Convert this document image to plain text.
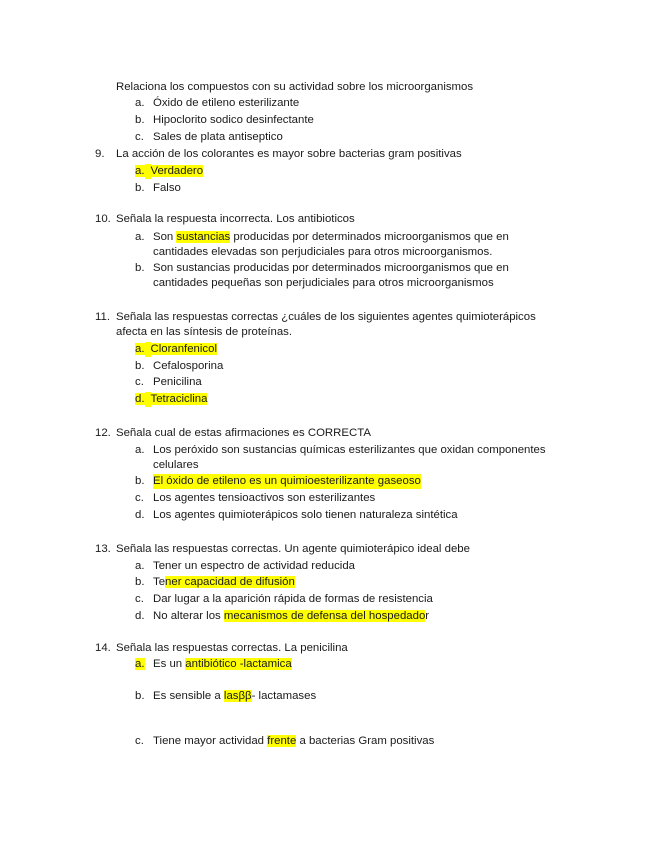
Relaciona los compuestos con su actividad sobre los microorganismos
a. Óxido de etileno esterilizante
b. Hipoclorito sodico desinfectante
c. Sales de plata antiseptico
9. La acción de los colorantes es mayor sobre bacterias gram positivas
a. Verdadero
b. Falso
10. Señala la respuesta incorrecta. Los antibioticos
a. Son sustancias producidas por determinados microorganismos que en
cantidades elevadas son perjudiciales para otros microorganismos.
b. Son sustancias producidas por determinados microorganismos que en
cantidades pequeñas son perjudiciales para otros microorganismos
11. Señala las respuestas correctas ¿cuáles de los siguientes agentes quimioterápicos
afecta en las síntesis de proteínas.
a. Cloranfenicol
b. Cefalosporina
c. Penicilina
d. Tetraciclina
12. Señala cual de estas afirmaciones es CORRECTA
a. Los peróxido son sustancias químicas esterilizantes que oxidan componentes
celulares
b. El óxido de etileno es un quimioesterilizante gaseoso
c. Los agentes tensioactivos son esterilizantes
d. Los agentes quimioterápicos solo tienen naturaleza sintética
13. Señala las respuestas correctas. Un agente quimioterápico ideal debe
a. Tener un espectro de actividad reducida
b. Tener capacidad de difusión
c. Dar lugar a la aparición rápida de formas de resistencia
d. No alterar los mecanismos de defensa del hospedador
14. Señala las respuestas correctas. La penicilina
a. Es un antibiótico -lactamica
b. Es sensible a lasββ- lactamases
c. Tiene mayor actividad frente a bacterias Gram positivas
